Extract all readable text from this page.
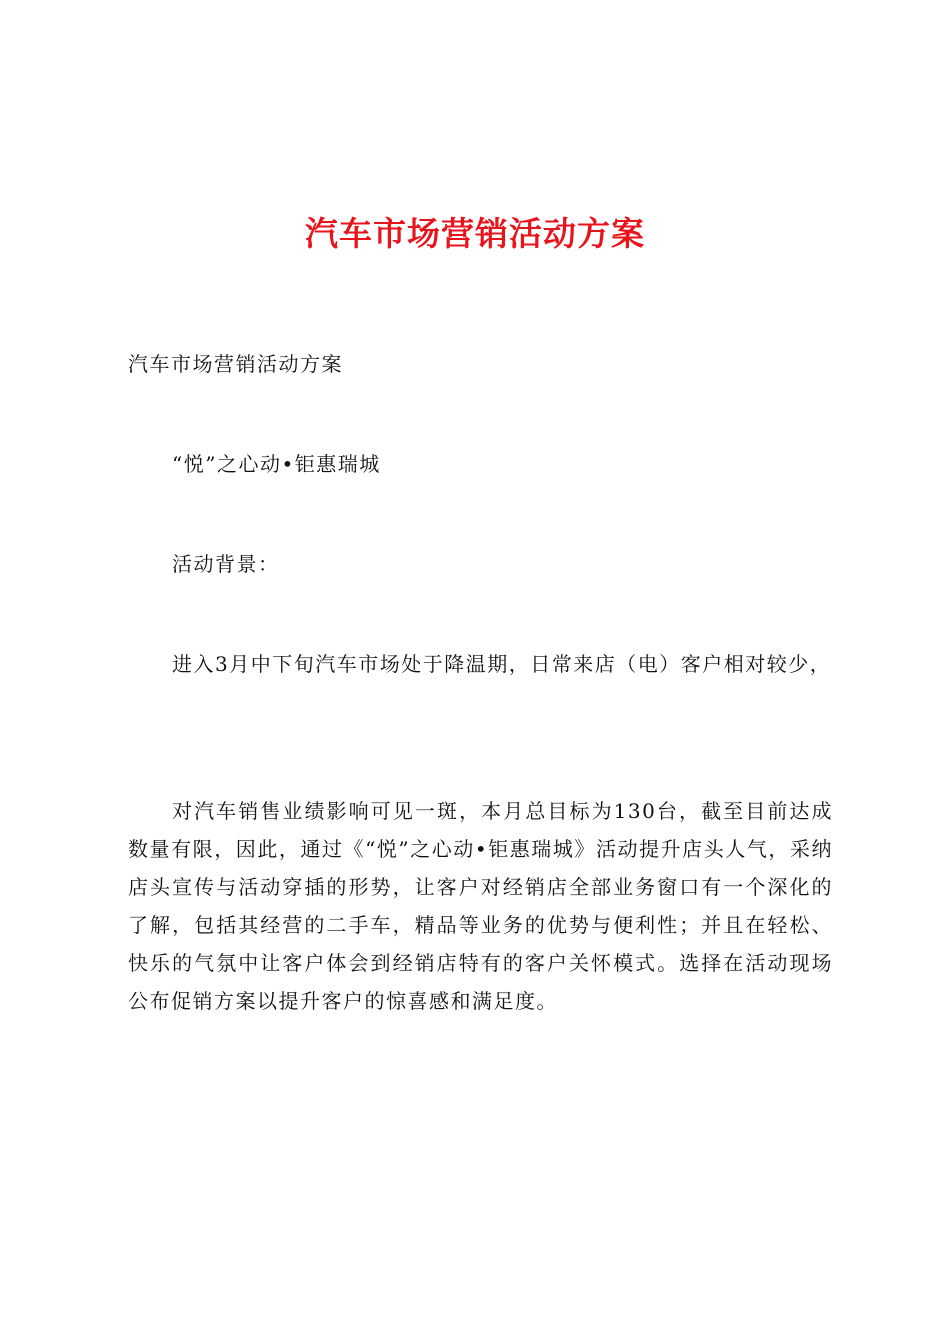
汽车市场营销活动方案

汽车市场营销活动方案

“悦”之心动•钜惠瑞城

活动背景：

进入3月中下旬汽车市场处于降温期，日常来店（电）客户相对较少，

对汽车销售业绩影响可见一斑，本月总目标为130台，截至目前达成数量有限，因此，通过《“悦”之心动•钜惠瑞城》活动提升店头人气，采纳店头宣传与活动穿插的形势，让客户对经销店全部业务窗口有一个深化的了解，包括其经营的二手车，精品等业务的优势与便利性；并且在轻松、快乐的气氛中让客户体会到经销店特有的客户关怀模式。选择在活动现场公布促销方案以提升客户的惊喜感和满足度。
